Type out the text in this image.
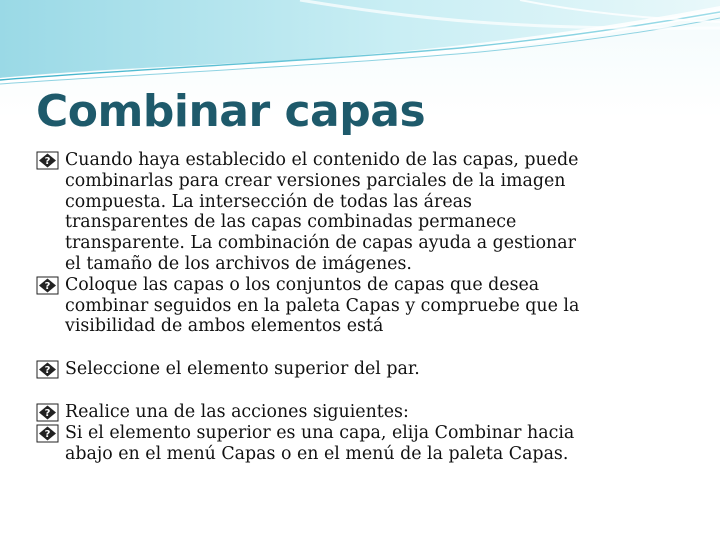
Combinar capas
? Cuando haya establecido el contenido de las capas, puede
combinarlas para crear versiones parciales de la imagen
compuesta. La intersección de todas las áreas
transparentes de las capas combinadas permanece
transparente. La combinación de capas ayuda a gestionar
el tamaño de los archivos de imágenes.
? Coloque las capas o los conjuntos de capas que desea
combinar seguidos en la paleta Capas y compruebe que la
visibilidad de ambos elementos está
? Seleccione el elemento superior del par.
? Realice una de las acciones siguientes:
? Si el elemento superior es una capa, elija Combinar hacia
abajo en el menú Capas o en el menú de la paleta Capas.
